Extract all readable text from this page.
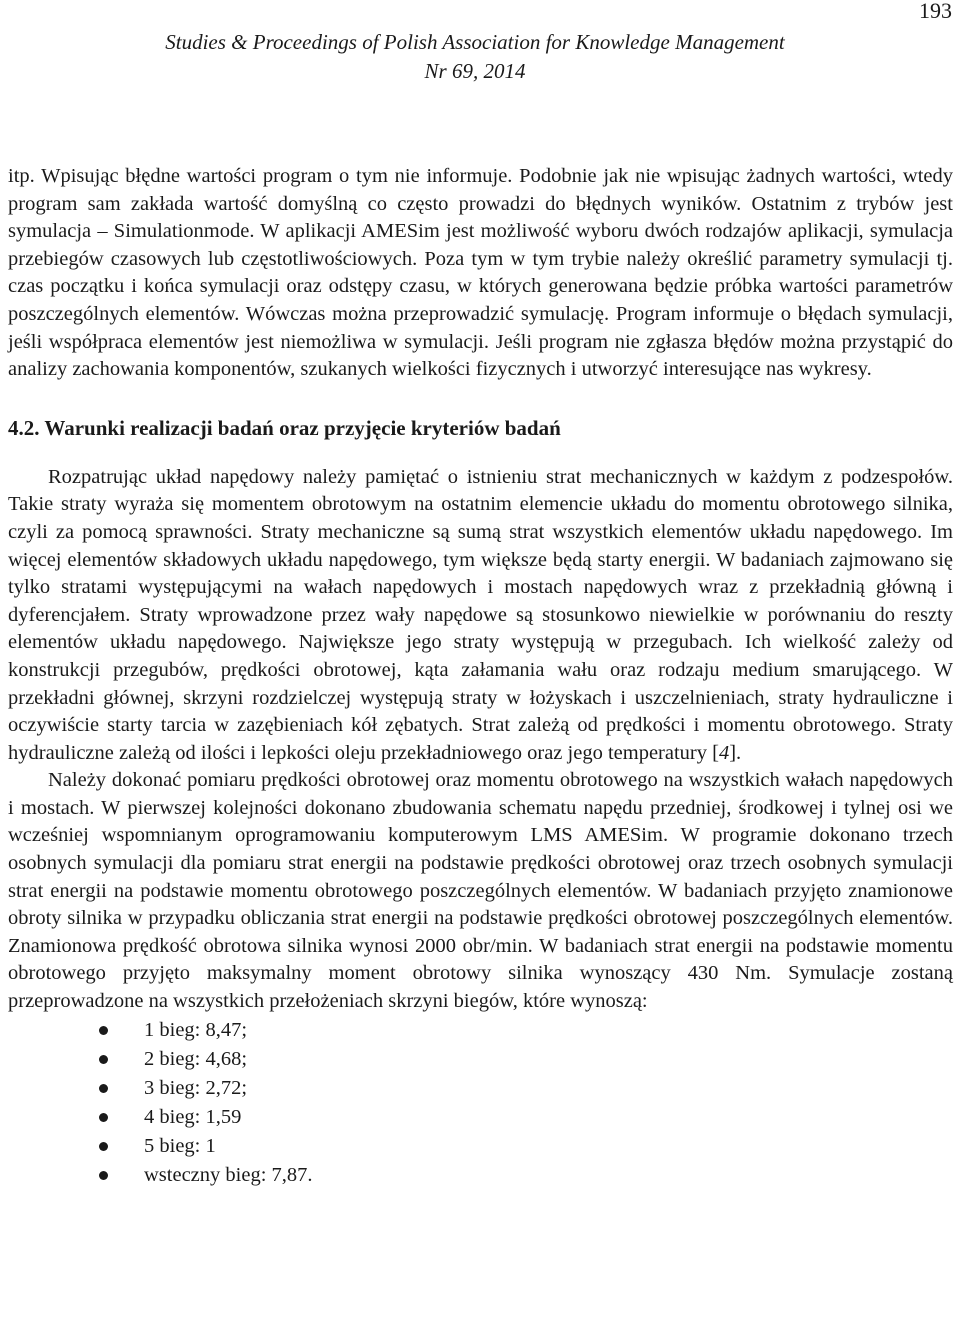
193
Studies & Proceedings of Polish Association for Knowledge Management
Nr 69, 2014

itp. Wpisując błędne wartości program o tym nie informuje. Podobnie jak nie wpisując żadnych wartości, wtedy program sam zakłada wartość domyślną co często prowadzi do błędnych wyników. Ostatnim z trybów jest symulacja – Simulationmode. W aplikacji AMESim jest możliwość wyboru dwóch rodzajów aplikacji, symulacja przebiegów czasowych lub częstotliwościowych. Poza tym w tym trybie należy określić parametry symulacji tj. czas początku i końca symulacji oraz odstępy czasu, w których generowana będzie próbka wartości parametrów poszczególnych elementów. Wówczas można przeprowadzić symulację. Program informuje o błędach symulacji, jeśli współpraca elementów jest niemożliwa w symulacji. Jeśli program nie zgłasza błędów można przystąpić do analizy zachowania komponentów, szukanych wielkości fizycznych i utworzyć interesujące nas wykresy.

4.2. Warunki realizacji badań oraz przyjęcie kryteriów badań

Rozpatrując układ napędowy należy pamiętać o istnieniu strat mechanicznych w każdym z podzespołów. Takie straty wyraża się momentem obrotowym na ostatnim elemencie układu do momentu obrotowego silnika, czyli za pomocą sprawności. Straty mechaniczne są sumą strat wszystkich elementów układu napędowego. Im więcej elementów składowych układu napędowego, tym większe będą starty energii. W badaniach zajmowano się tylko stratami występującymi na wałach napędowych i mostach napędowych wraz z przekładnią główną i dyferencjałem. Straty wprowadzone przez wały napędowe są stosunkowo niewielkie w porównaniu do reszty elementów układu napędowego. Największe jego straty występują w przegubach. Ich wielkość zależy od konstrukcji przegubów, prędkości obrotowej, kąta załamania wału oraz rodzaju medium smarującego. W przekładni głównej, skrzyni rozdzielczej występują straty w łożyskach i uszczelnieniach, straty hydrauliczne i oczywiście starty tarcia w zazębieniach kół zębatych. Strat zależą od prędkości i momentu obrotowego. Straty hydrauliczne zależą od ilości i lepkości oleju przekładniowego oraz jego temperatury [4].

Należy dokonać pomiaru prędkości obrotowej oraz momentu obrotowego na wszystkich wałach napędowych i mostach. W pierwszej kolejności dokonano zbudowania schematu napędu przedniej, środkowej i tylnej osi we wcześniej wspomnianym oprogramowaniu komputerowym LMS AMESim. W programie dokonano trzech osobnych symulacji dla pomiaru strat energii na podstawie prędkości obrotowej oraz trzech osobnych symulacji strat energii na podstawie momentu obrotowego poszczególnych elementów. W badaniach przyjęto znamionowe obroty silnika w przypadku obliczania strat energii na podstawie prędkości obrotowej poszczególnych elementów. Znamionowa prędkość obrotowa silnika wynosi 2000 obr/min. W badaniach strat energii na podstawie momentu obrotowego przyjęto maksymalny moment obrotowy silnika wynoszący 430 Nm. Symulacje zostaną przeprowadzone na wszystkich przełożeniach skrzyni biegów, które wynoszą:

1 bieg: 8,47;
2 bieg: 4,68;
3 bieg: 2,72;
4 bieg: 1,59
5 bieg: 1
wsteczny bieg: 7,87.
